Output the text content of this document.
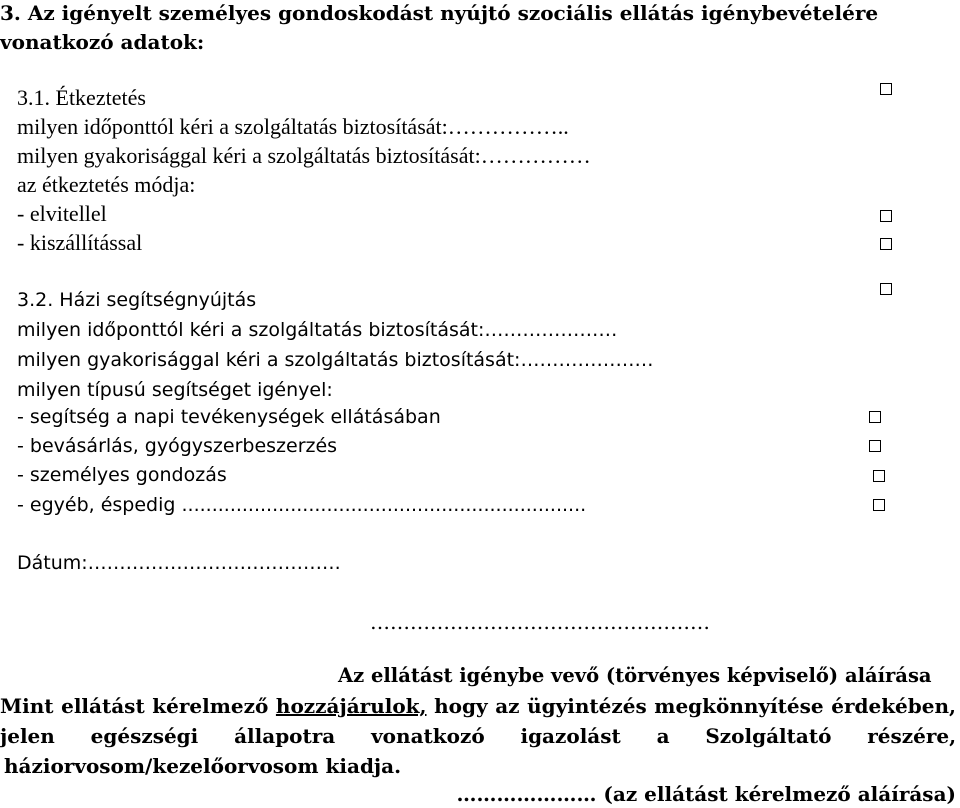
3. Az igényelt személyes gondoskodást nyújtó szociális ellátás igénybevételére
vonatkozó adatok:
3.1. Étkeztetés
milyen időponttól kéri a szolgáltatás biztosítását:……………..
milyen gyakorisággal kéri a szolgáltatás biztosítását:……………
az étkeztetés módja:
- elvitellel
- kiszállítással
3.2. Házi segítségnyújtás
milyen időponttól kéri a szolgáltatás biztosítását:…………………
milyen gyakorisággal kéri a szolgáltatás biztosítását:…………………
milyen típusú segítséget igényel:
- segítség a napi tevékenységek ellátásában
- bevásárlás, gyógyszerbeszerzés
- személyes gondozás
- egyéb, éspedig ...................................................................
Dátum:………………………………….
……………………………………………
Az ellátást igénybe vevő (törvényes képviselő) aláírása
Mint ellátást kérelmező hozzájárulok, hogy az ügyintézés megkönnyítése érdekében,
jelen egészségi állapotra vonatkozó igazolást a Szolgáltató részére,
háziorvosom/kezelőorvosom kiadja.
………………… (az ellátást kérelmező aláírása)
